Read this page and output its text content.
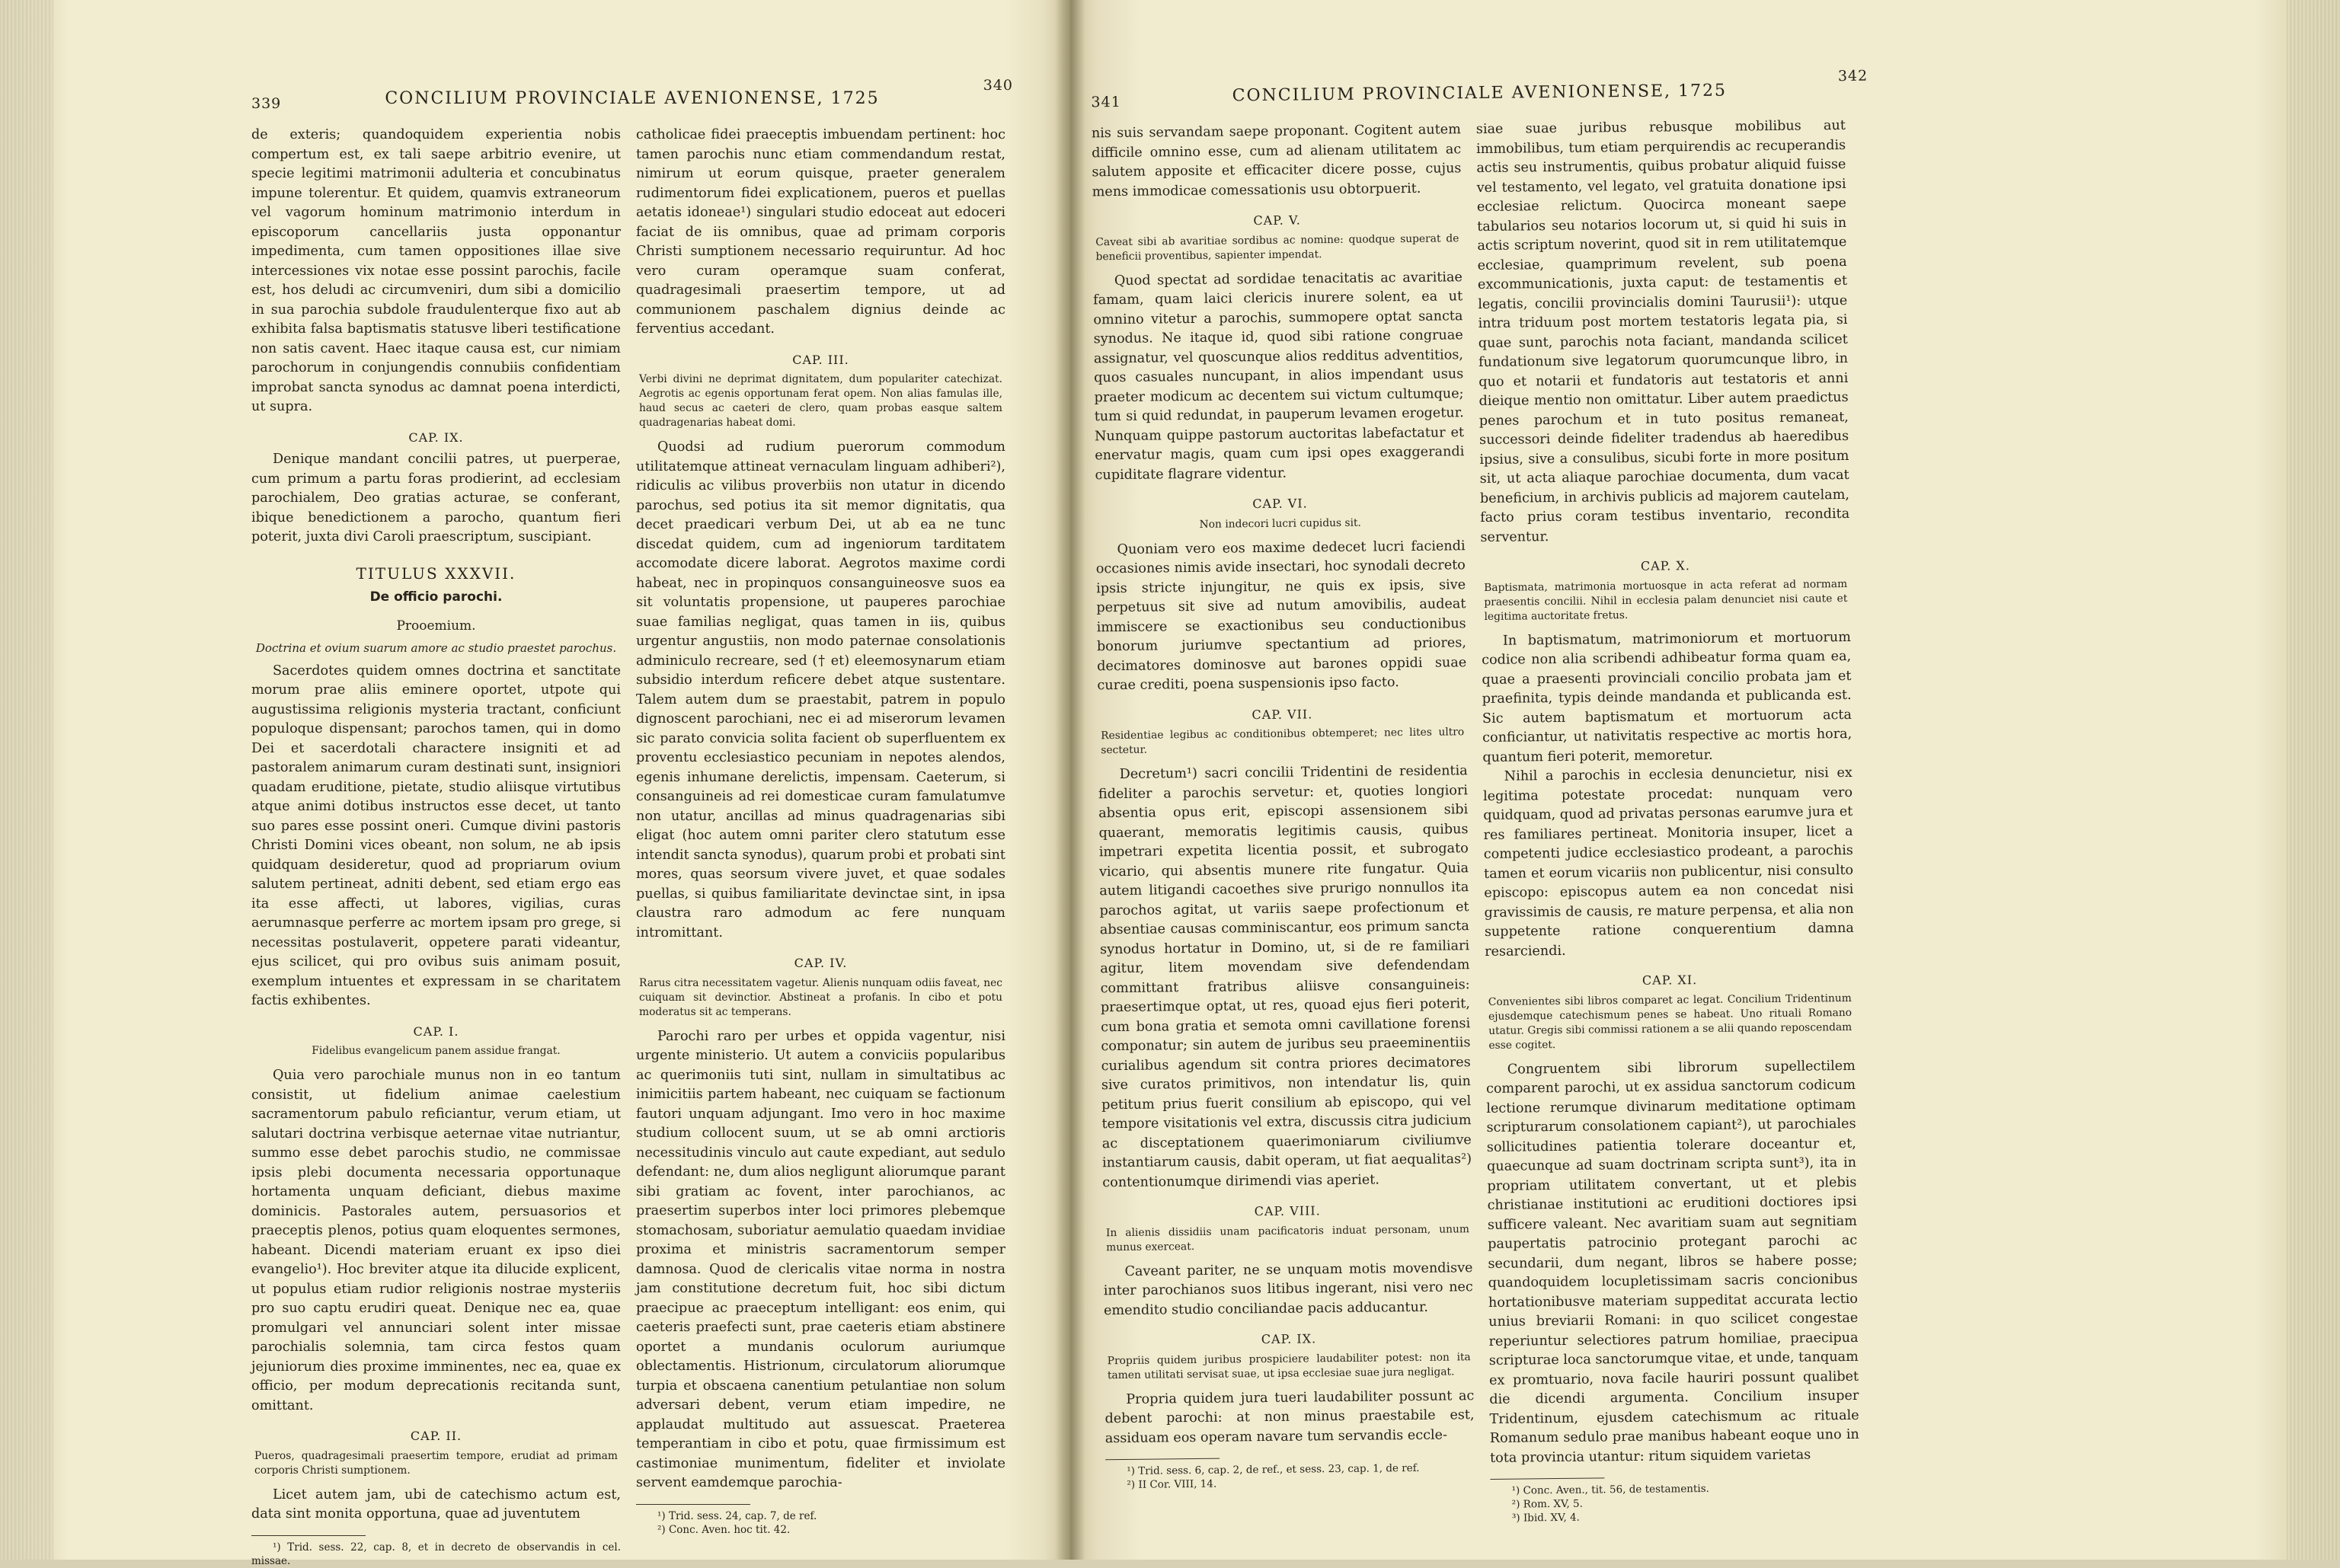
339	CONCILIUM PROVINCIALE AVENIONENSE, 1725
340

de exteris; quandoquidem experientia nobis compertum est, ex tali saepe arbitrio evenire, ut specie legitimi matrimonii adulteria et concubinatus impune tolerentur. Et quidem, quamvis extraneorum vel vagorum hominum matrimonio interdum in episcoporum cancellariis justa opponantur impedimenta, cum tamen oppositiones illae sive intercessiones vix notae esse possint parochis, facile est, hos deludi ac circumveniri, dum sibi a domicilio in sua parochia subdole fraudulenterque fixo aut ab exhibita falsa baptismatis statusve liberi testificatione non satis cavent. Haec itaque causa est, cur nimiam parochorum in conjungendis connubiis confidentiam improbat sancta synodus ac damnat poena interdicti, ut supra.

CAP. IX.

Denique mandant concilii patres, ut puerperae, cum primum a partu foras prodierint, ad ecclesiam parochialem, Deo gratias acturae, se conferant, ibique benedictionem a parocho, quantum fieri poterit, juxta divi Caroli praescriptum, suscipiant.

TITULUS XXXVII.
De officio parochi.
Prooemium.
Doctrina et ovium suarum amore ac studio praestet parochus.

Sacerdotes quidem omnes doctrina et sanctitate morum prae aliis eminere oportet, utpote qui augustissima religionis mysteria tractant, conficiunt populoque dispensant; parochos tamen, qui in domo Dei et sacerdotali charactere insigniti et ad pastoralem animarum curam destinati sunt, insigniori quadam eruditione, pietate, studio aliisque virtutibus atque animi dotibus instructos esse decet, ut tanto suo pares esse possint oneri. Cumque divini pastoris Christi Domini vices obeant, non solum, ne ab ipsis quidquam desideretur, quod ad propriarum ovium salutem pertineat, adniti debent, sed etiam ergo eas ita esse affecti, ut labores, vigilias, curas aerumnasque perferre ac mortem ipsam pro grege, si necessitas postulaverit, oppetere parati videantur, ejus scilicet, qui pro ovibus suis animam posuit, exemplum intuentes et expressam in se charitatem factis exhibentes.

CAP. I.
Fidelibus evangelicum panem assidue frangat.

Quia vero parochiale munus non in eo tantum consistit, ut fidelium animae caelestium sacramentorum pabulo reficiantur, verum etiam, ut salutari doctrina verbisque aeternae vitae nutriantur, summo esse debet parochis studio, ne commissae ipsis plebi documenta necessaria opportunaque hortamenta unquam deficiant, diebus maxime dominicis. Pastorales autem, persuasorios et praeceptis plenos, potius quam eloquentes sermones, habeant. Dicendi materiam eruant ex ipso diei evangelio¹). Hoc breviter atque ita dilucide explicent, ut populus etiam rudior religionis nostrae mysteriis pro suo captu erudiri queat. Denique nec ea, quae promulgari vel annunciari solent inter missae parochialis solemnia, tam circa festos quam jejuniorum dies proxime imminentes, nec ea, quae ex officio, per modum deprecationis recitanda sunt, omittant.

CAP. II.
Pueros, quadragesimali praesertim tempore, erudiat ad primam corporis Christi sumptionem.

Licet autem jam, ubi de catechismo actum est, data sint monita opportuna, quae ad juventutem

¹) Trid. sess. 22, cap. 8, et in decreto de observandis in cel. missae.

catholicae fidei praeceptis imbuendam pertinent: hoc tamen parochis nunc etiam commendandum restat, nimirum ut eorum quisque, praeter generalem rudimentorum fidei explicationem, pueros et puellas aetatis idoneae¹) singulari studio edoceat aut edoceri faciat de iis omnibus, quae ad primam corporis Christi sumptionem necessario requiruntur. Ad hoc vero curam operamque suam conferat, quadragesimali praesertim tempore, ut ad communionem paschalem dignius deinde ac ferventius accedant.

CAP. III.
Verbi divini ne deprimat dignitatem, dum populariter catechizat. Aegrotis ac egenis opportunam ferat opem. Non alias famulas ille, haud secus ac caeteri de clero, quam probas easque saltem quadragenarias habeat domi.

Quodsi ad rudium puerorum commodum utilitatemque attineat vernaculam linguam adhiberi²), ridiculis ac vilibus proverbiis non utatur in dicendo parochus, sed potius ita sit memor dignitatis, qua decet praedicari verbum Dei, ut ab ea ne tunc discedat quidem, cum ad ingeniorum tarditatem accomodate dicere laborat. Aegrotos maxime cordi habeat, nec in propinquos consanguineosve suos ea sit voluntatis propensione, ut pauperes parochiae suae familias negligat, quas tamen in iis, quibus urgentur angustiis, non modo paternae consolationis adminiculo recreare, sed († et) eleemosynarum etiam subsidio interdum reficere debet atque sustentare. Talem autem dum se praestabit, patrem in populo dignoscent parochiani, nec ei ad miserorum levamen sic parato convicia solita facient ob superfluentem ex proventu ecclesiastico pecuniam in nepotes alendos, egenis inhumane derelictis, impensam. Caeterum, si consanguineis ad rei domesticae curam famulatumve non utatur, ancillas ad minus quadragenarias sibi eligat (hoc autem omni pariter clero statutum esse intendit sancta synodus), quarum probi et probati sint mores, quas seorsum vivere juvet, et quae sodales puellas, si quibus familiaritate devinctae sint, in ipsa claustra raro admodum ac fere nunquam intromittant.

CAP. IV.
Rarus citra necessitatem vagetur. Alienis nunquam odiis faveat, nec cuiquam sit devinctior. Abstineat a profanis. In cibo et potu moderatus sit ac temperans.

Parochi raro per urbes et oppida vagentur, nisi urgente ministerio. Ut autem a conviciis popularibus ac querimoniis tuti sint, nullam in simultatibus ac inimicitiis partem habeant, nec cuiquam se factionum fautori unquam adjungant. Imo vero in hoc maxime studium collocent suum, ut se ab omni arctioris necessitudinis vinculo aut caute expediant, aut sedulo defendant: ne, dum alios negligunt aliorumque parant sibi gratiam ac fovent, inter parochianos, ac praesertim superbos inter loci primores plebemque stomachosam, suboriatur aemulatio quaedam invidiae proxima et ministris sacramentorum semper damnosa. Quod de clericalis vitae norma in nostra jam constitutione decretum fuit, hoc sibi dictum praecipue ac praeceptum intelligant: eos enim, qui caeteris praefecti sunt, prae caeteris etiam abstinere oportet a mundanis oculorum auriumque oblectamentis. Histrionum, circulatorum aliorumque turpia et obscaena canentium petulantiae non solum adversari debent, verum etiam impedire, ne applaudat multitudo aut assuescat. Praeterea temperantiam in cibo et potu, quae firmissimum est castimoniae munimentum, fideliter et inviolate servent eamdemque parochia-

¹) Trid. sess. 24, cap. 7, de ref.

²) Conc. Aven. hoc tit. 42.

341	CONCILIUM PROVINCIALE AVENIONENSE, 1725
342

nis suis servandam saepe proponant. Cogitent autem difficile omnino esse, cum ad alienam utilitatem ac salutem apposite et efficaciter dicere posse, cujus mens immodicae comessationis usu obtorpuerit.

CAP. V.
Caveat sibi ab avaritiae sordibus ac nomine: quodque superat de beneficii proventibus, sapienter impendat.

Quod spectat ad sordidae tenacitatis ac avaritiae famam, quam laici clericis inurere solent, ea ut omnino vitetur a parochis, summopere optat sancta synodus. Ne itaque id, quod sibi ratione congruae assignatur, vel quoscunque alios redditus adventitios, quos casuales nuncupant, in alios impendant usus praeter modicum ac decentem sui victum cultumque; tum si quid redundat, in pauperum levamen erogetur. Nunquam quippe pastorum auctoritas labefactatur et enervatur magis, quam cum ipsi opes exaggerandi cupiditate flagrare videntur.

CAP. VI.
Non indecori lucri cupidus sit.

Quoniam vero eos maxime dedecet lucri faciendi occasiones nimis avide insectari, hoc synodali decreto ipsis stricte injungitur, ne quis ex ipsis, sive perpetuus sit sive ad nutum amovibilis, audeat immiscere se exactionibus seu conductionibus bonorum juriumve spectantium ad priores, decimatores dominosve aut barones oppidi suae curae crediti, poena suspensionis ipso facto.

CAP. VII.
Residentiae legibus ac conditionibus obtemperet; nec lites ultro sectetur.

Decretum¹) sacri concilii Tridentini de residentia fideliter a parochis servetur: et, quoties longiori absentia opus erit, episcopi assensionem sibi quaerant, memoratis legitimis causis, quibus impetrari expetita licentia possit, et subrogato vicario, qui absentis munere rite fungatur. Quia autem litigandi cacoethes sive prurigo nonnullos ita parochos agitat, ut variis saepe profectionum et absentiae causas comminiscantur, eos primum sancta synodus hortatur in Domino, ut, si de re familiari agitur, litem movendam sive defendendam committant fratribus aliisve consanguineis: praesertimque optat, ut res, quoad ejus fieri poterit, cum bona gratia et semota omni cavillatione forensi componatur; sin autem de juribus seu praeeminentiis curialibus agendum sit contra priores decimatores sive curatos primitivos, non intendatur lis, quin petitum prius fuerit consilium ab episcopo, qui vel tempore visitationis vel extra, discussis citra judicium ac disceptationem quaerimoniarum civiliumve instantiarum causis, dabit operam, ut fiat aequalitas²) contentionumque dirimendi vias aperiet.

CAP. VIII.
In alienis dissidiis unam pacificatoris induat personam, unum munus exerceat.

Caveant pariter, ne se unquam motis movendisve inter parochianos suos litibus ingerant, nisi vero nec emendito studio conciliandae pacis adducantur.

CAP. IX.
Propriis quidem juribus prospiciere laudabiliter potest: non ita tamen utilitati servisat suae, ut ipsa ecclesiae suae jura negligat.

Propria quidem jura tueri laudabiliter possunt ac debent parochi: at non minus praestabile est, assiduam eos operam navare tum servandis eccle-

¹) Trid. sess. 6, cap. 2, de ref., et sess. 23, cap. 1, de ref.

²) II Cor. VIII, 14.

siae suae juribus rebusque mobilibus aut immobilibus, tum etiam perquirendis ac recuperandis actis seu instrumentis, quibus probatur aliquid fuisse vel testamento, vel legato, vel gratuita donatione ipsi ecclesiae relictum. Quocirca moneant saepe tabularios seu notarios locorum ut, si quid hi suis in actis scriptum noverint, quod sit in rem utilitatemque ecclesiae, quamprimum revelent, sub poena excommunicationis, juxta caput: de testamentis et legatis, concilii provincialis domini Taurusii¹): utque intra triduum post mortem testatoris legata pia, si quae sunt, parochis nota faciant, mandanda scilicet fundationum sive legatorum quorumcunque libro, in quo et notarii et fundatoris aut testatoris et anni dieique mentio non omittatur. Liber autem praedictus penes parochum et in tuto positus remaneat, successori deinde fideliter tradendus ab haeredibus ipsius, sive a consulibus, sicubi forte in more positum sit, ut acta aliaque parochiae documenta, dum vacat beneficium, in archivis publicis ad majorem cautelam, facto prius coram testibus inventario, recondita serventur.

CAP. X.
Baptismata, matrimonia mortuosque in acta referat ad normam praesentis concilii. Nihil in ecclesia palam denunciet nisi caute et legitima auctoritate fretus.

In baptismatum, matrimoniorum et mortuorum codice non alia scribendi adhibeatur forma quam ea, quae a praesenti provinciali concilio probata jam et praefinita, typis deinde mandanda et publicanda est. Sic autem baptismatum et mortuorum acta conficiantur, ut nativitatis respective ac mortis hora, quantum fieri poterit, memoretur.

Nihil a parochis in ecclesia denuncietur, nisi ex legitima potestate procedat: nunquam vero quidquam, quod ad privatas personas earumve jura et res familiares pertineat. Monitoria insuper, licet a competenti judice ecclesiastico prodeant, a parochis tamen et eorum vicariis non publicentur, nisi consulto episcopo: episcopus autem ea non concedat nisi gravissimis de causis, re mature perpensa, et alia non suppetente ratione conquerentium damna resarciendi.

CAP. XI.
Convenientes sibi libros comparet ac legat. Concilium Tridentinum ejusdemque catechismum penes se habeat. Uno rituali Romano utatur. Gregis sibi commissi rationem a se alii quando reposcendam esse cogitet.

Congruentem sibi librorum supellectilem comparent parochi, ut ex assidua sanctorum codicum lectione rerumque divinarum meditatione optimam scripturarum consolationem capiant²), ut parochiales sollicitudines patientia tolerare doceantur et, quaecunque ad suam doctrinam scripta sunt³), ita in propriam utilitatem convertant, ut et plebis christianae institutioni ac eruditioni doctiores ipsi sufficere valeant. Nec avaritiam suam aut segnitiam paupertatis patrocinio protegant parochi ac secundarii, dum negant, libros se habere posse; quandoquidem locupletissimam sacris concionibus hortationibusve materiam suppeditat accurata lectio unius breviarii Romani: in quo scilicet congestae reperiuntur selectiores patrum homiliae, praecipua scripturae loca sanctorumque vitae, et unde, tanquam ex promtuario, nova facile hauriri possunt qualibet die dicendi argumenta. Concilium insuper Tridentinum, ejusdem catechismum ac rituale Romanum sedulo prae manibus habeant eoque uno in tota provincia utantur: ritum siquidem varietas

¹) Conc. Aven., tit. 56, de testamentis.

²) Rom. XV, 5.

³) Ibid. XV, 4.
